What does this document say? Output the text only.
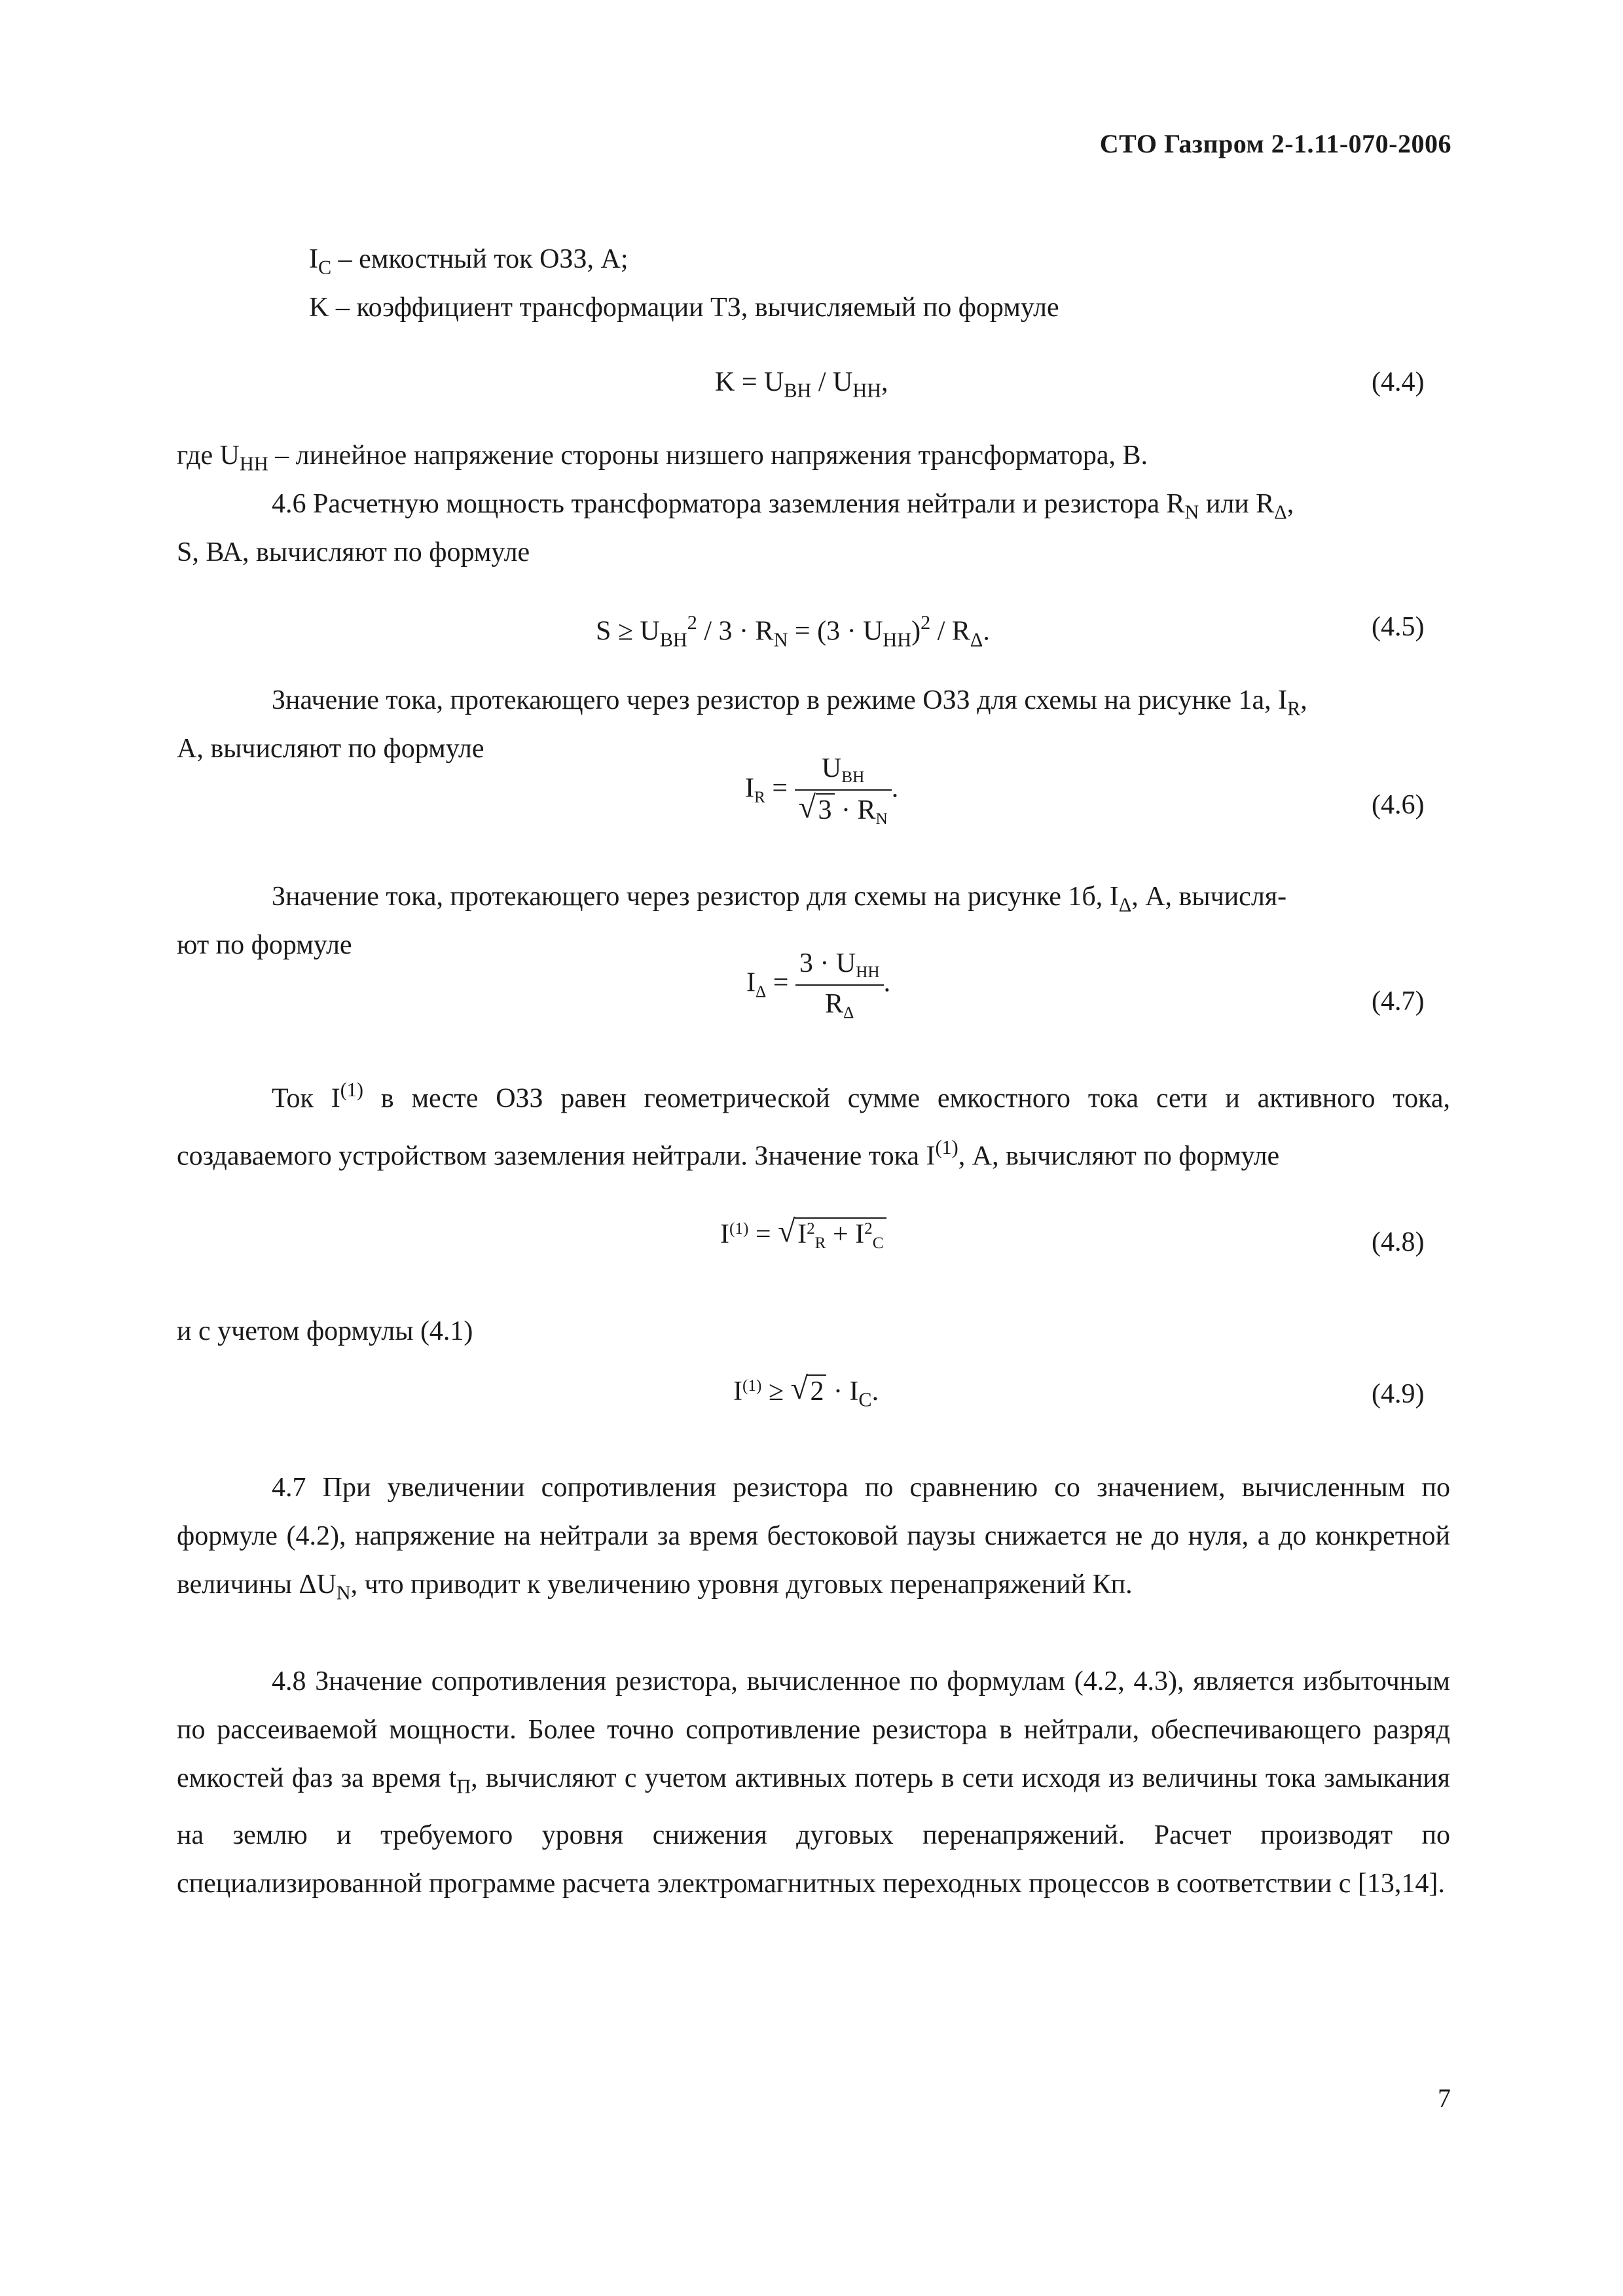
СТО Газпром 2-1.11-070-2006
$I_C$ – емкостный ток ОЗЗ, А;
K – коэффициент трансформации ТЗ, вычисляемый по формуле
$K = U_{ВН} / U_{НН}$,	(4.4)
где $U_{НН}$ – линейное напряжение стороны низшего напряжения трансформатора, В.
4.6 Расчетную мощность трансформатора заземления нейтрали и резистора $R_N$ или $R_\Delta$,
S, ВА, вычисляют по формуле
$S \ge U_{ВН}^2 / 3 \cdot R_N = (3 \cdot U_{НН})^2 / R_\Delta$.	(4.5)
Значение тока, протекающего через резистор в режиме ОЗЗ для схемы на рисунке 1а, $I_R$,
А, вычисляют по формуле
$I_R = \frac{U_{ВН}}{√ 3 \cdot R_N}$ .
(4.6)
Значение тока, протекающего через резистор для схемы на рисунке 1б, $I_\Delta$, А, вычисля-
ют по формуле
$I_\Delta = \frac{3 \cdot U_{НН}}{R_\Delta}$ .
(4.7)
Ток $I^{(1)}$ в месте ОЗЗ равен геометрической сумме емкостного тока сети и активного тока, создаваемого устройством заземления нейтрали. Значение тока $I^{(1)}$, А, вычисляют по формуле
$I^{(1)}$ = √ $I^2_R + I^2_C$	(4.8)
и с учетом формулы (4.1)
$I^{(1)}$ ≥ √ $2 \cdot I_C$.	(4.9)
4.7 При увеличении сопротивления резистора по сравнению со значением, вычисленным по формуле (4.2), напряжение на нейтрали за время бестоковой паузы снижается не до нуля, а до конкретной величины $\Delta U_N$, что приводит к увеличению уровня дуговых перенапряжений Кп.
4.8 Значение сопротивления резистора, вычисленное по формулам (4.2, 4.3), является избыточным по рассеиваемой мощности. Более точно сопротивление резистора в нейтрали, обеспечивающего разряд емкостей фаз за время $t_П$, вычисляют с учетом активных потерь в сети исходя из величины тока замыкания на землю и требуемого уровня снижения дуговых перенапряжений. Расчет производят по специализированной программе расчета электромагнитных переходных процессов в соответствии с [13,14].
7
